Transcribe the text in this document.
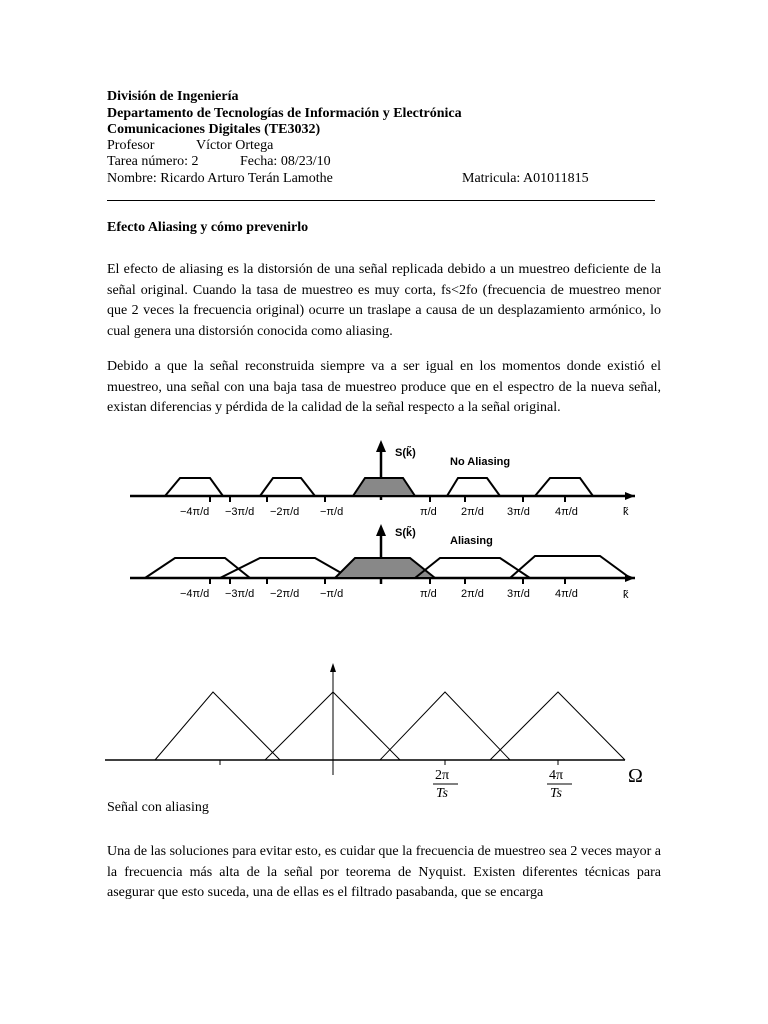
División de Ingeniería
Departamento de Tecnologías de Información y Electrónica
Comunicaciones Digitales (TE3032)
Profesor	Víctor Ortega
Tarea número: 2	Fecha: 08/23/10
Nombre: Ricardo Arturo Terán Lamothe	Matricula: A01011815
Efecto Aliasing y cómo prevenirlo
El efecto de aliasing es la distorsión de una señal replicada debido a un muestreo deficiente de la señal original. Cuando la tasa de muestreo es muy corta, fs<2fo (frecuencia de muestreo menor que 2 veces la frecuencia original) ocurre un traslape a causa de un desplazamiento armónico, lo cual genera una distorsión conocida como aliasing.
Debido a que la señal reconstruida siempre va a ser igual en los momentos donde existió el muestreo, una señal con una baja tasa de muestreo produce que en el espectro de la nueva señal, existan diferencias y pérdida de la calidad de la señal respecto a la señal original.
S(k̃)
No Aliasing
k̃
−4π/d −3π/d −2π/d −π/d	π/d 2π/d 3π/d 4π/d
S(k̃)
Aliasing
k̃
−4π/d −3π/d −2π/d −π/d	π/d 2π/d 3π/d 4π/d
2π
Ts
4π
Ts
Ω
Señal con aliasing
Una de las soluciones para evitar esto, es cuidar que la frecuencia de muestreo sea 2 veces mayor a la frecuencia más alta de la señal por teorema de Nyquist. Existen diferentes técnicas para asegurar que esto suceda, una de ellas es el filtrado pasabanda, que se encarga
